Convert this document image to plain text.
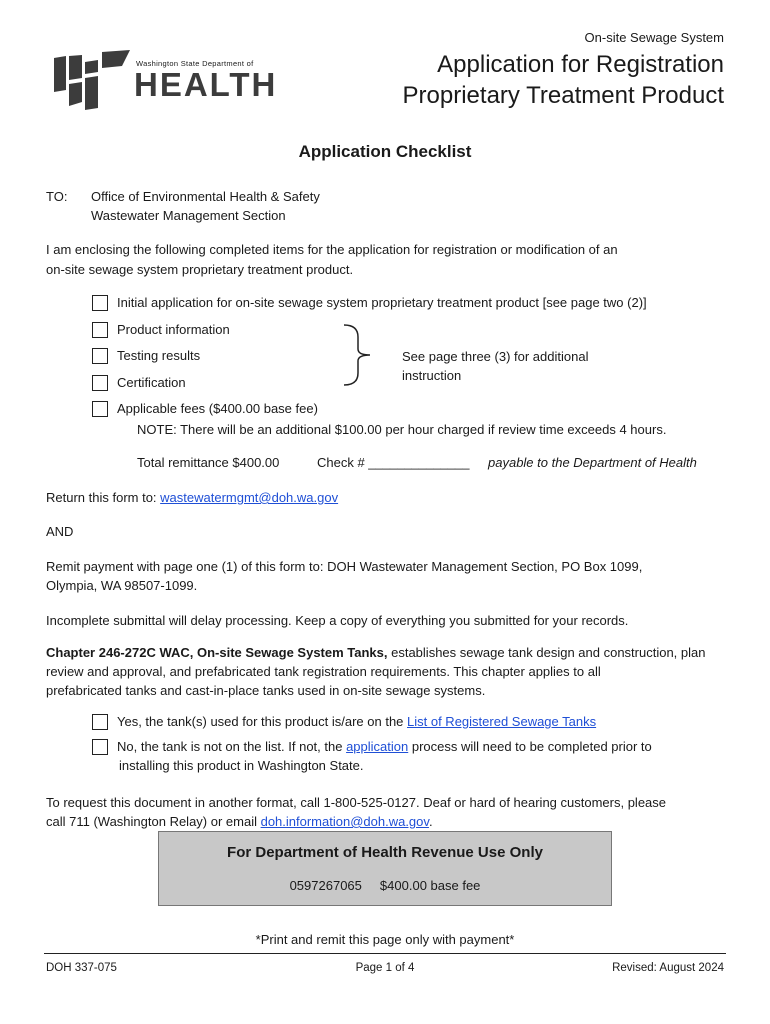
On-site Sewage System
Application for Registration
Proprietary Treatment Product
Washington State Department of
HEALTH
Application Checklist
TO: Office of Environmental Health & Safety
Wastewater Management Section
I am enclosing the following completed items for the application for registration or modification of an
on-site sewage system proprietary treatment product.
Initial application for on-site sewage system proprietary treatment product [see page two (2)]
Product information
Testing results
Certification
See page three (3) for additional
instruction
Applicable fees ($400.00 base fee)
NOTE: There will be an additional $100.00 per hour charged if review time exceeds 4 hours.
Total remittance $400.00	Check # ______________ payable to the Department of Health
Return this form to: wastewatermgmt@doh.wa.gov
AND
Remit payment with page one (1) of this form to: DOH Wastewater Management Section, PO Box 1099,
Olympia, WA 98507-1099.
Incomplete submittal will delay processing. Keep a copy of everything you submitted for your records.
Chapter 246-272C WAC, On-site Sewage System Tanks, establishes sewage tank design and construction, plan
review and approval, and prefabricated tank registration requirements. This chapter applies to all
prefabricated tanks and cast-in-place tanks used in on-site sewage systems.
Yes, the tank(s) used for this product is/are on the List of Registered Sewage Tanks
No, the tank is not on the list. If not, the application process will need to be completed prior to
installing this product in Washington State.
To request this document in another format, call 1-800-525-0127. Deaf or hard of hearing customers, please
call 711 (Washington Relay) or email doh.information@doh.wa.gov.
For Department of Health Revenue Use Only
0597267065     $400.00 base fee
*Print and remit this page only with payment*
DOH 337-075	Page 1 of 4	Revised: August 2024
